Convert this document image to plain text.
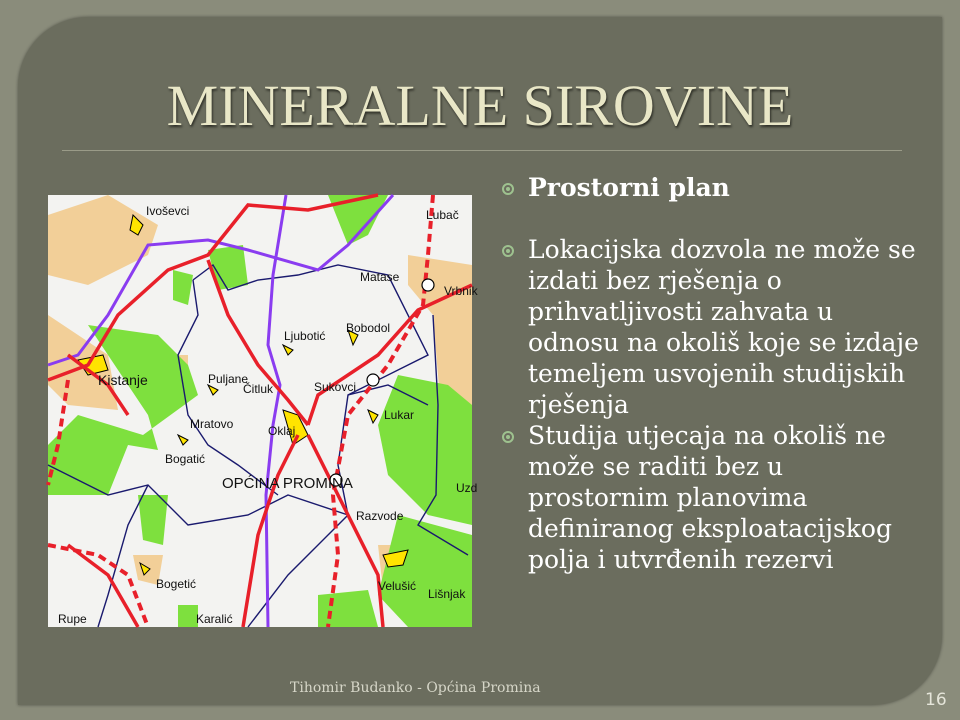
MINERALNE SIROVINE
Ivoševci	Lubač
Matase
Vrbnik
Kistanje
Ljubotić
Bobodol
Puljane
Čitluk	Sukovci
Lukar
Mratovo	Oklaj
Bogatić
OPĆINA PROMINA
Razvode
Bogetić	Velušić
Lišnjak
Rupe	Karalić
Uzd
Prostorni plan
Lokacijska dozvola ne može se izdati bez rješenja o prihvatljivosti zahvata u odnosu na okoliš koje se izdaje temeljem usvojenih studijskih rješenja
Studija utjecaja na okoliš ne može se raditi bez u prostornim planovima definiranog eksploatacijskog polja i utvrđenih rezervi
Tihomir Budanko - Općina Promina
16
